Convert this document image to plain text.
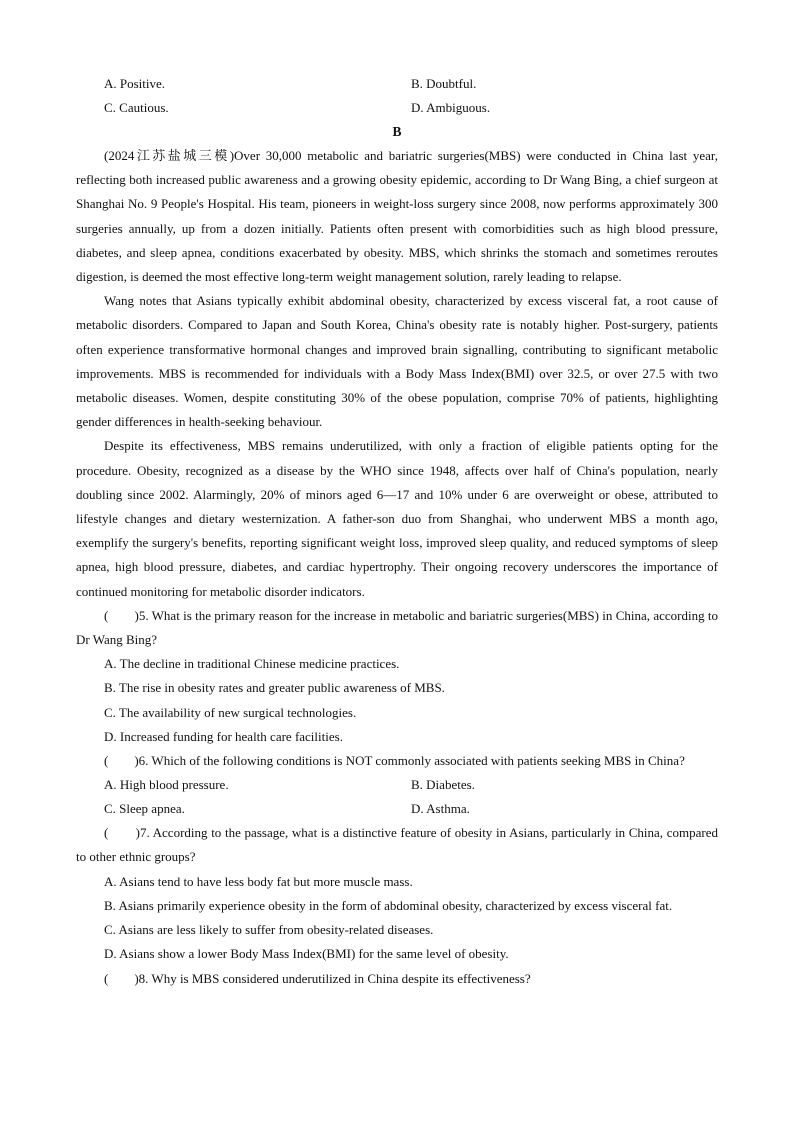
A. Positive.	B. Doubtful.
C. Cautious.	D. Ambiguous.
B

(2024江苏盐城三模)Over 30,000 metabolic and bariatric surgeries(MBS) were conducted in China last year, reflecting both increased public awareness and a growing obesity epidemic, according to Dr Wang Bing, a chief surgeon at Shanghai No. 9 People's Hospital. His team, pioneers in weight-loss surgery since 2008, now performs approximately 300 surgeries annually, up from a dozen initially. Patients often present with comorbidities such as high blood pressure, diabetes, and sleep apnea, conditions exacerbated by obesity. MBS, which shrinks the stomach and sometimes reroutes digestion, is deemed the most effective long-term weight management solution, rarely leading to relapse.

Wang notes that Asians typically exhibit abdominal obesity, characterized by excess visceral fat, a root cause of metabolic disorders. Compared to Japan and South Korea, China's obesity rate is notably higher. Post-surgery, patients often experience transformative hormonal changes and improved brain signalling, contributing to significant metabolic improvements. MBS is recommended for individuals with a Body Mass Index(BMI) over 32.5, or over 27.5 with two metabolic diseases. Women, despite constituting 30% of the obese population, comprise 70% of patients, highlighting gender differences in health-seeking behaviour.

Despite its effectiveness, MBS remains underutilized, with only a fraction of eligible patients opting for the procedure. Obesity, recognized as a disease by the WHO since 1948, affects over half of China's population, nearly doubling since 2002. Alarmingly, 20% of minors aged 6—17 and 10% under 6 are overweight or obese, attributed to lifestyle changes and dietary westernization. A father-son duo from Shanghai, who underwent MBS a month ago, exemplify the surgery's benefits, reporting significant weight loss, improved sleep quality, and reduced symptoms of sleep apnea, high blood pressure, diabetes, and cardiac hypertrophy. Their ongoing recovery underscores the importance of continued monitoring for metabolic disorder indicators.

(　　)5. What is the primary reason for the increase in metabolic and bariatric surgeries(MBS) in China, according to Dr Wang Bing?
A. The decline in traditional Chinese medicine practices.
B. The rise in obesity rates and greater public awareness of MBS.
C. The availability of new surgical technologies.
D. Increased funding for health care facilities.
(　　)6. Which of the following conditions is NOT commonly associated with patients seeking MBS in China?
A. High blood pressure.	B. Diabetes.
C. Sleep apnea.	D. Asthma.
(　　)7. According to the passage, what is a distinctive feature of obesity in Asians, particularly in China, compared to other ethnic groups?
A. Asians tend to have less body fat but more muscle mass.
B. Asians primarily experience obesity in the form of abdominal obesity, characterized by excess visceral fat.
C. Asians are less likely to suffer from obesity-related diseases.
D. Asians show a lower Body Mass Index(BMI) for the same level of obesity.
(　　)8. Why is MBS considered underutilized in China despite its effectiveness?
